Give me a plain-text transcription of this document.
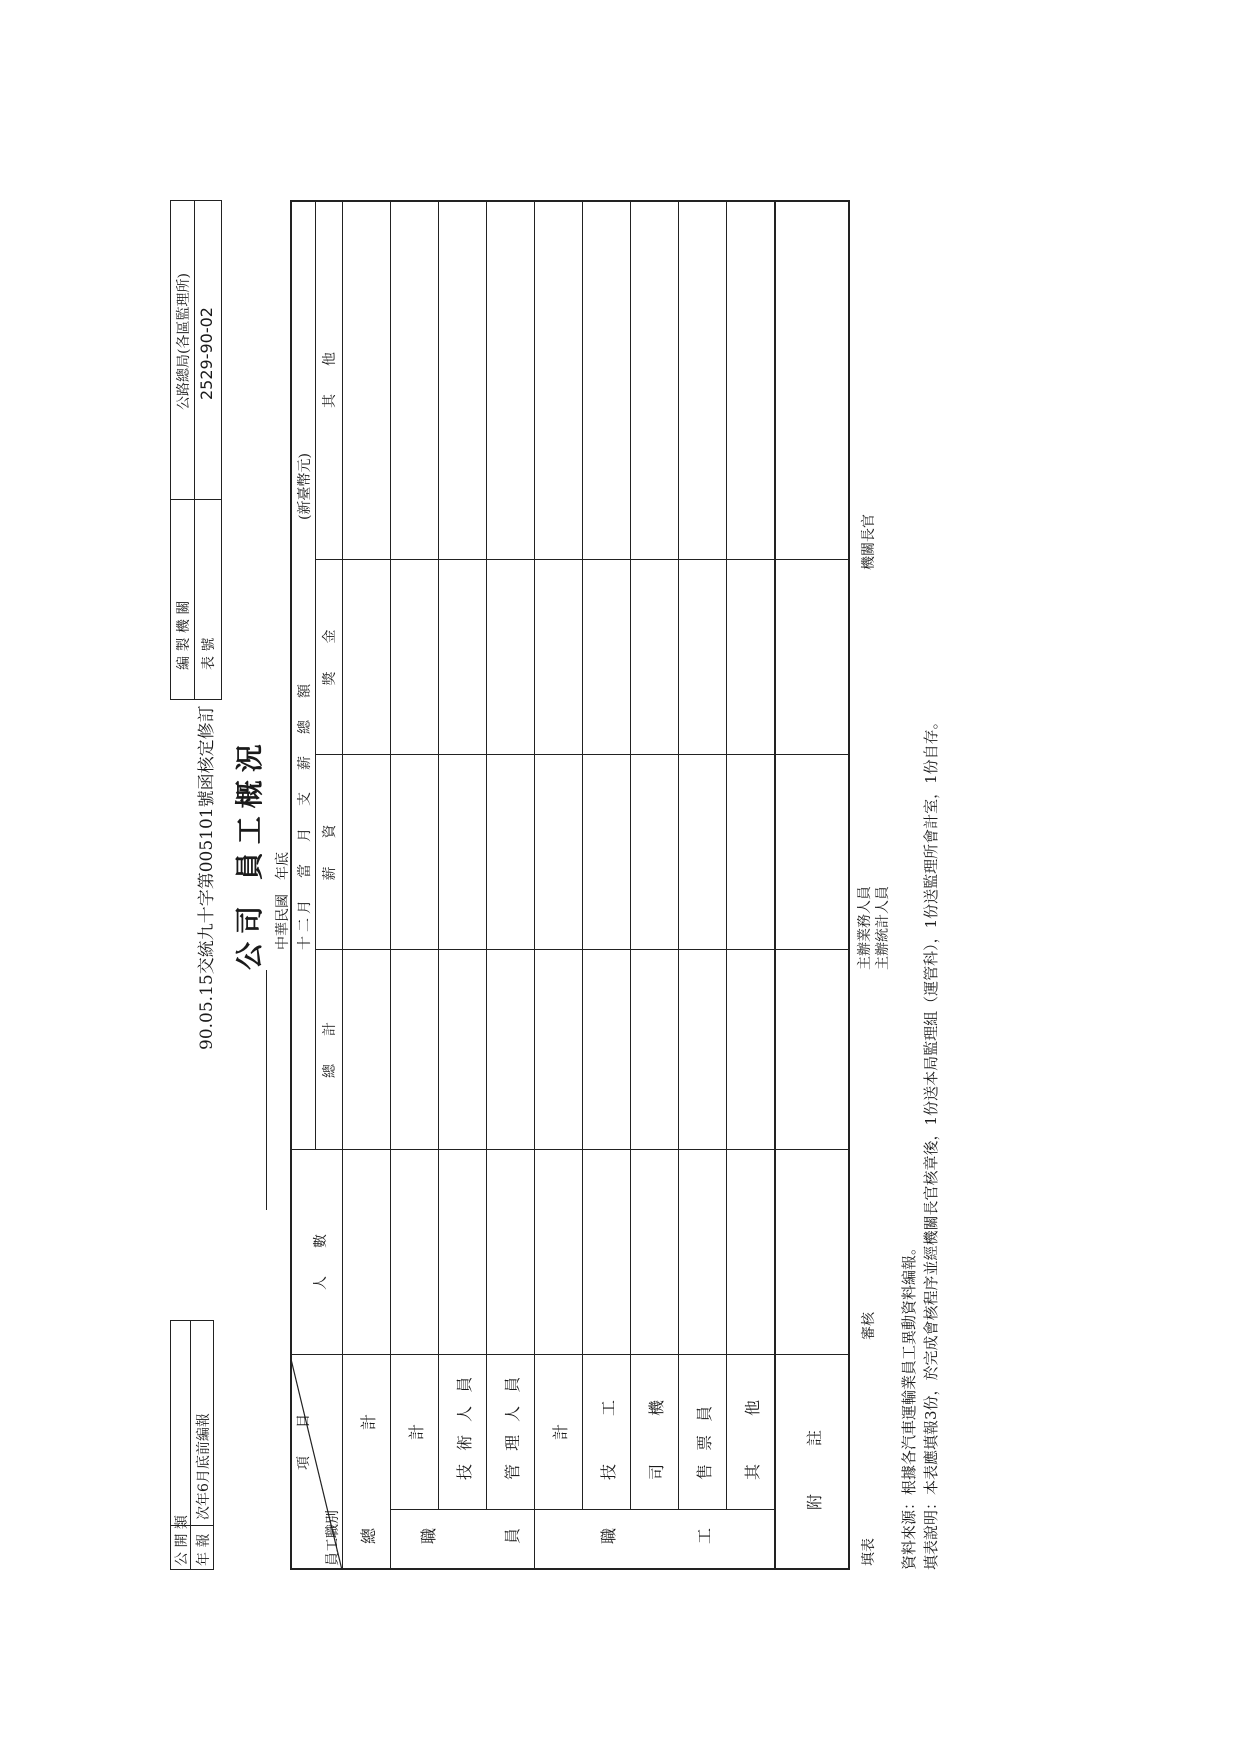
公 開 類 年 報
次年6月底前編報
90.05.15交統九十字第005101號函核定修訂
編 製 機 關
公路總局(各區監理所)
表 號
2529-90-02
公司 員工概況 中華民國　年底
項　　目
員工職別
人　　數
十二月　當　月　支　薪　總　額
(新臺幣元)
總　　計
薪　　資
獎　　金
其　　他
總
計
職
計 技 術 人 員
員
管 理 人 員 計
職
技　　　工 司　　　機
工
售 票 員 其　　　他	附　　　註
填表
審核
主辦業務人員 主辦統計人員
機關長官
資料來源：根據各汽車運輸業員工異動資料編報。 填表說明：本表應填報3份，於完成會核程序並經機關長官核章後，1份送本局監理組（運管科），1份送監理所會計室，1份自存。
